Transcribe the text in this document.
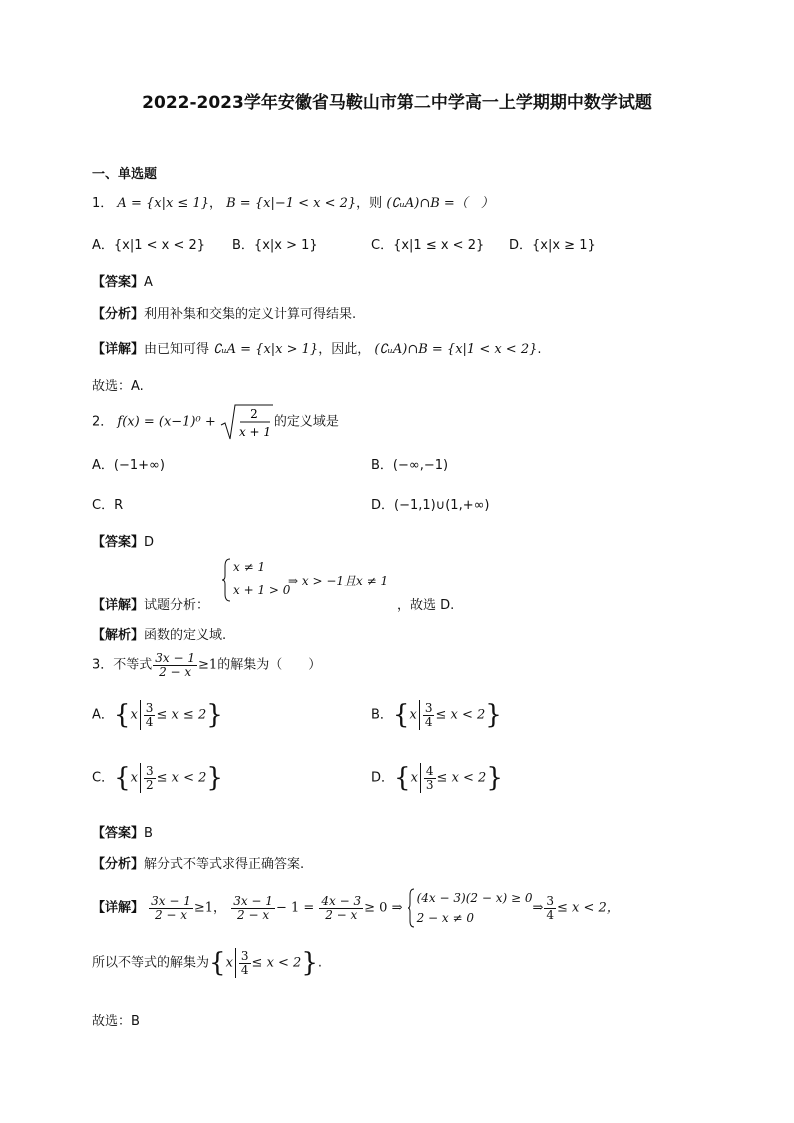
2022-2023学年安徽省马鞍山市第二中学高一上学期期中数学试题
一、单选题
1． A = {x|x ≤ 1}， B = {x|−1 < x < 2}，则 (∁ᵤA)∩B =（　）
A．{x|1 < x < 2} B．{x|x > 1}	C．{x|1 ≤ x < 2} D．{x|x ≥ 1}
【答案】A
【分析】利用补集和交集的定义计算可得结果.
【详解】由已知可得 ∁ᵤA = {x|x > 1}，因此， (∁ᵤA)∩B = {x|1 < x < 2}.
故选：A.
2． f(x) = (x−1)⁰ +
2
x + 1
的定义域是
A．(−1+∞)	B．(−∞,−1)
C．R	D．(−1,1)∪(1,+∞)
【答案】D
x ≠ 1
x + 1 > 0
⇒ x > −1且x ≠ 1
【详解】试题分析：	，故选 D.
【解析】函数的定义域.
3．不等式 $\frac{3x - 1}{2 - x} \ge 1$的解集为（　　）
A．$\{x \frac{3}{4} \le x \le 2\}$	B．$\{x \frac{3}{4} \le x < 2\}$
C．$\{x \frac{3}{2} \le x < 2\}$	D．$\{x \frac{4}{3} \le x < 2\}$
【答案】B
【分析】解分式不等式求得正确答案.
【详解】 $\frac{3x - 1}{2 - x} \ge 1$， $\frac{3x - 1}{2 - x} - 1 = \frac{4x - 3}{2 - x} \ge 0$ ⇒
(4x − 3)(2 − x) ≥ 0
2 − x ≠ 0
⇒ $\frac{3}{4} \le x < 2$，
所以不等式的解集为$\{x \frac{3}{4} \le x < 2\}$.
故选：B
